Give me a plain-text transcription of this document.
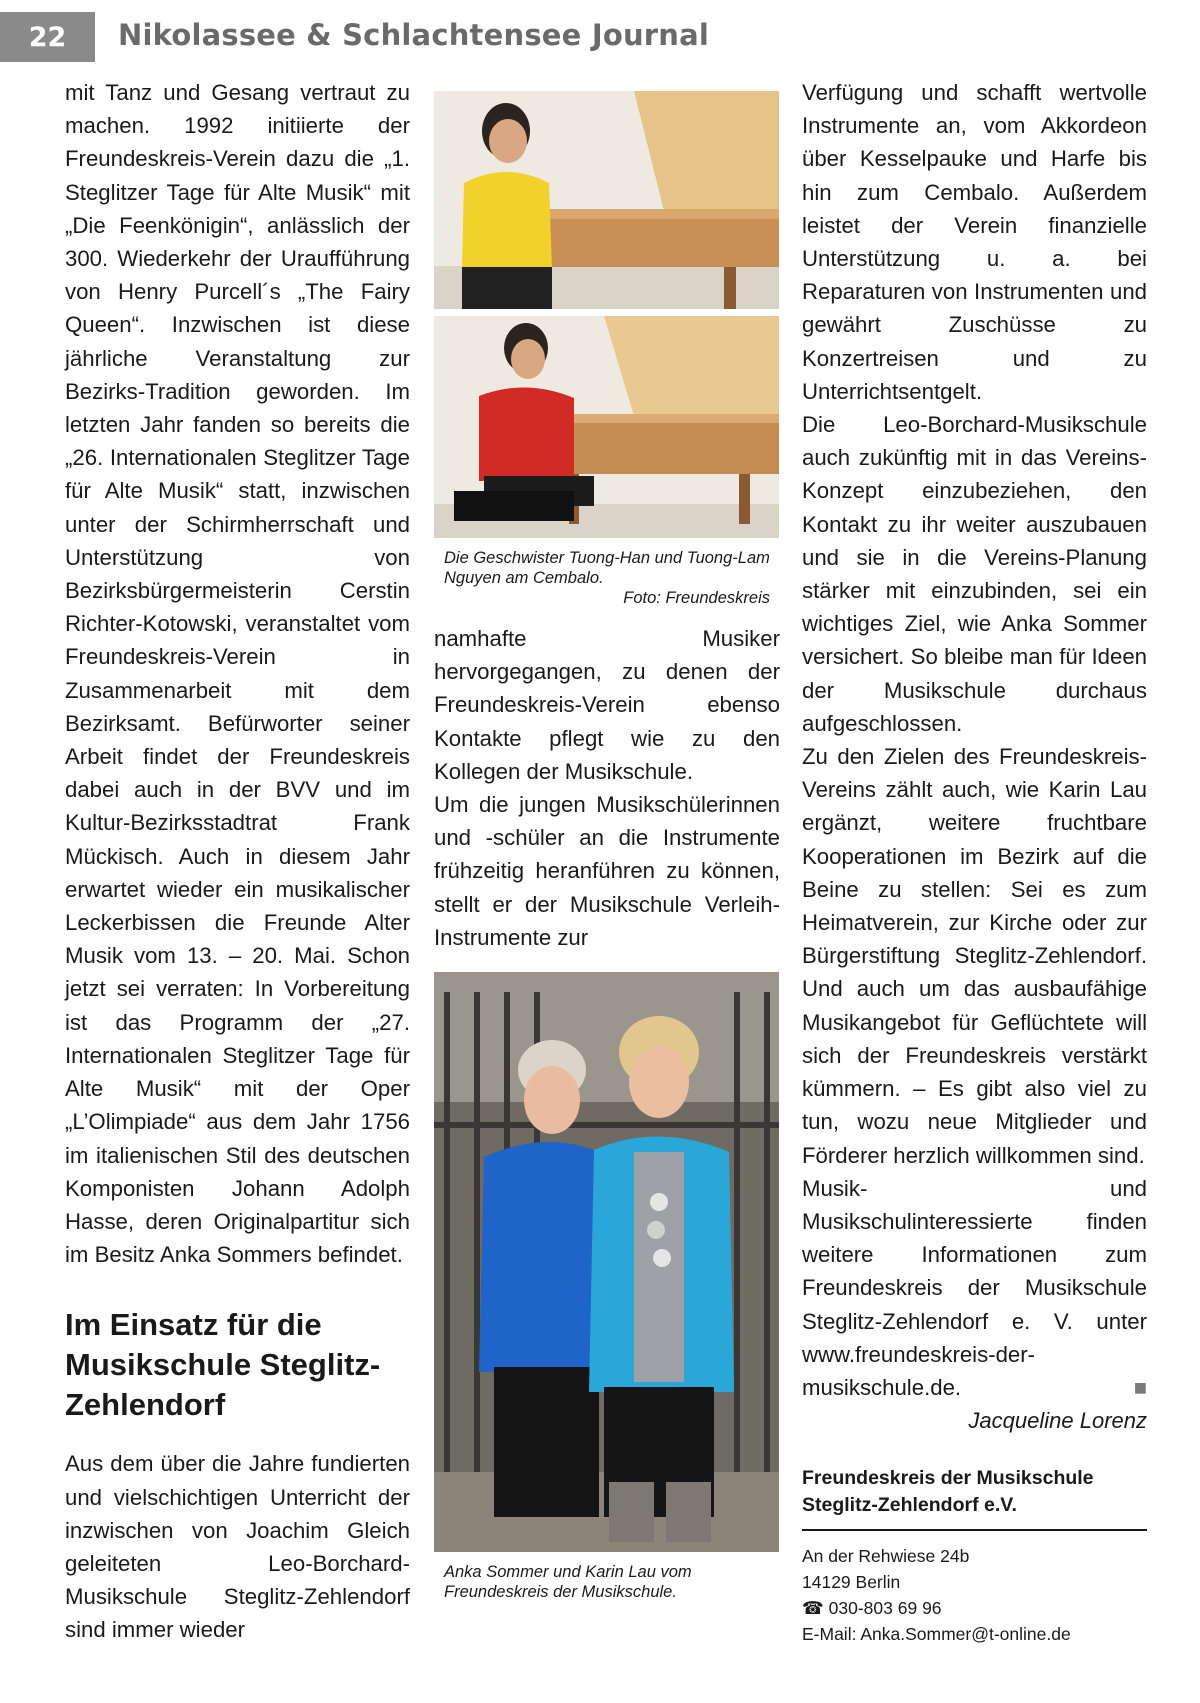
22	Nikolassee & Schlachtensee Journal

mit Tanz und Gesang vertraut zu machen. 1992 initiierte der Freundeskreis-Verein dazu die „1. Steglitzer Tage für Alte Musik“ mit „Die Feenkönigin“, anlässlich der 300. Wiederkehr der Uraufführung von Henry Purcell´s „The Fairy Queen“. Inzwischen ist diese jährliche Veranstaltung zur Bezirks-Tradition geworden. Im letzten Jahr fanden so bereits die „26. Internationalen Steglitzer Tage für Alte Musik“ statt, inzwischen unter der Schirmherrschaft und Unterstützung von Bezirksbürgermeisterin Cerstin Richter-Kotowski, veranstaltet vom Freundeskreis-Verein in Zusammenarbeit mit dem Bezirksamt. Befürworter seiner Arbeit findet der Freundeskreis dabei auch in der BVV und im Kultur-Bezirksstadtrat Frank Mückisch. Auch in diesem Jahr erwartet wieder ein musikalischer Leckerbissen die Freunde Alter Musik vom 13. – 20. Mai. Schon jetzt sei verraten: In Vorbereitung ist das Programm der „27. Internationalen Steglitzer Tage für Alte Musik“ mit der Oper „L’Olimpiade“ aus dem Jahr 1756 im italienischen Stil des deutschen Komponisten Johann Adolph Hasse, deren Originalpartitur sich im Besitz Anka Sommers befindet.

Im Einsatz für die Musikschule Steglitz-Zehlendorf

Aus dem über die Jahre fundierten und vielschichtigen Unterricht der inzwischen von Joachim Gleich geleiteten Leo-Borchard-Musikschule Steglitz-Zehlendorf sind immer wieder

Die Geschwister Tuong-Han und Tuong-Lam Nguyen am Cembalo.

Foto: Freundeskreis

namhafte Musiker hervorgegangen, zu denen der Freundeskreis-Verein ebenso Kontakte pflegt wie zu den Kollegen der Musikschule.

Um die jungen Musikschülerinnen und -schüler an die Instrumente frühzeitig heranführen zu können, stellt er der Musikschule Verleih-Instrumente zur

Anka Sommer und Karin Lau vom Freundeskreis der Musikschule.

Verfügung und schafft wertvolle Instrumente an, vom Akkordeon über Kesselpauke und Harfe bis hin zum Cembalo. Außerdem leistet der Verein finanzielle Unterstützung u. a. bei Reparaturen von Instrumenten und gewährt Zuschüsse zu Konzertreisen und zu Unterrichtsentgelt.

Die Leo-Borchard-Musikschule auch zukünftig mit in das Vereins-Konzept einzubeziehen, den Kontakt zu ihr weiter auszubauen und sie in die Vereins-Planung stärker mit einzubinden, sei ein wichtiges Ziel, wie Anka Sommer versichert. So bleibe man für Ideen der Musikschule durchaus aufgeschlossen.

Zu den Zielen des Freundeskreis-Vereins zählt auch, wie Karin Lau ergänzt, weitere fruchtbare Kooperationen im Bezirk auf die Beine zu stellen: Sei es zum Heimatverein, zur Kirche oder zur Bürgerstiftung Steglitz-Zehlendorf. Und auch um das ausbaufähige Musikangebot für Geflüchtete will sich der Freundeskreis verstärkt kümmern. – Es gibt also viel zu tun, wozu neue Mitglieder und Förderer herzlich willkommen sind.

Musik- und Musikschulinteressierte finden weitere Informationen zum Freundeskreis der Musikschule Steglitz-Zehlendorf e. V. unter www.freundeskreis-der-musikschule.de.	■

Jacqueline Lorenz

Freundeskreis der Musikschule Steglitz-Zehlendorf e.V.

An der Rehwiese 24b

14129 Berlin

☎ 030-803 69 96

E-Mail: Anka.Sommer@t-online.de
